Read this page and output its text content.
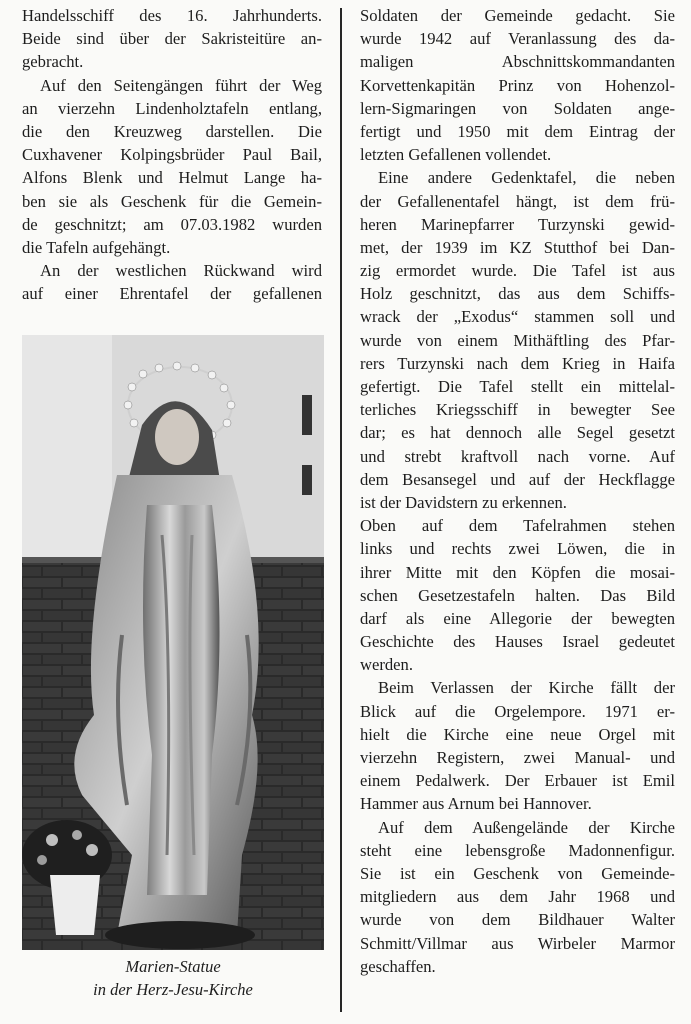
Handelsschiff des 16. Jahrhunderts.
Beide sind über der Sakristeitüre an-
gebracht.
Auf den Seitengängen führt der Weg
an vierzehn Lindenholztafeln entlang,
die den Kreuzweg darstellen. Die
Cuxhavener Kolpingsbrüder Paul Bail,
Alfons Blenk und Helmut Lange ha-
ben sie als Geschenk für die Gemein-
de geschnitzt; am 07.03.1982 wurden
die Tafeln aufgehängt.
An der westlichen Rückwand wird
auf einer Ehrentafel der gefallenen
Marien-Statue
in der Herz-Jesu-Kirche
Soldaten der Gemeinde gedacht. Sie
wurde 1942 auf Veranlassung des da-
maligen Abschnittskommandanten
Korvettenkapitän Prinz von Hohenzol-
lern-Sigmaringen von Soldaten ange-
fertigt und 1950 mit dem Eintrag der
letzten Gefallenen vollendet.
Eine andere Gedenktafel, die neben
der Gefallenentafel hängt, ist dem frü-
heren Marinepfarrer Turzynski gewid-
met, der 1939 im KZ Stutthof bei Dan-
zig ermordet wurde. Die Tafel ist aus
Holz geschnitzt, das aus dem Schiffs-
wrack der „Exodus“ stammen soll und
wurde von einem Mithäftling des Pfar-
rers Turzynski nach dem Krieg in Haifa
gefertigt. Die Tafel stellt ein mittelal-
terliches Kriegsschiff in bewegter See
dar; es hat dennoch alle Segel gesetzt
und strebt kraftvoll nach vorne. Auf
dem Besansegel und auf der Heckflagge
ist der Davidstern zu erkennen.
Oben auf dem Tafelrahmen stehen
links und rechts zwei Löwen, die in
ihrer Mitte mit den Köpfen die mosai-
schen Gesetzestafeln halten. Das Bild
darf als eine Allegorie der bewegten
Geschichte des Hauses Israel gedeutet
werden.
Beim Verlassen der Kirche fällt der
Blick auf die Orgelempore. 1971 er-
hielt die Kirche eine neue Orgel mit
vierzehn Registern, zwei Manual- und
einem Pedalwerk. Der Erbauer ist Emil
Hammer aus Arnum bei Hannover.
Auf dem Außengelände der Kirche
steht eine lebensgroße Madonnenfigur.
Sie ist ein Geschenk von Gemeinde-
mitgliedern aus dem Jahr 1968 und
wurde von dem Bildhauer Walter
Schmitt/Villmar aus Wirbeler Marmor
geschaffen.
